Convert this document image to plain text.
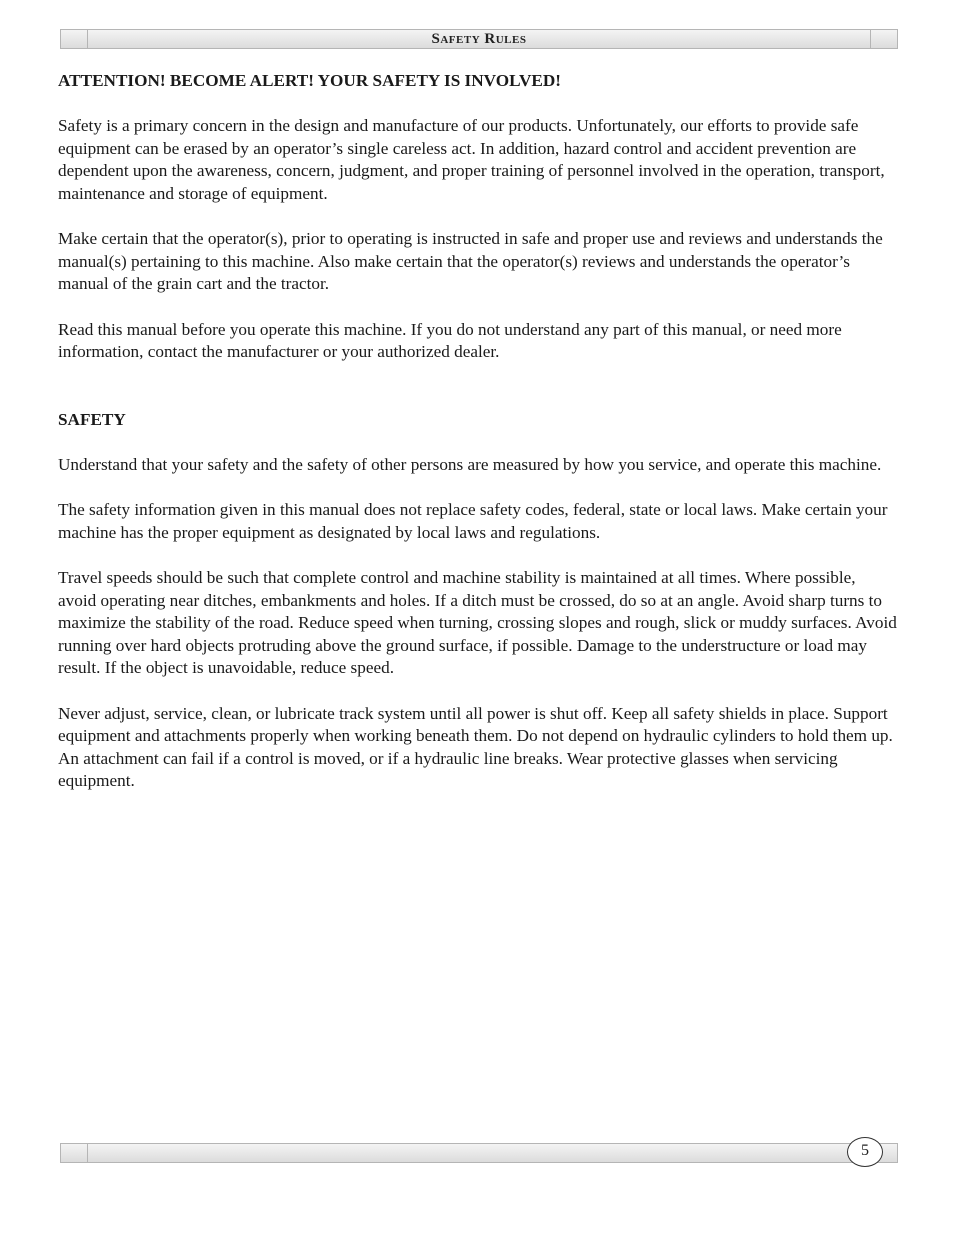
Safety Rules

ATTENTION! BECOME ALERT! YOUR SAFETY IS INVOLVED!

Safety is a primary concern in the design and manufacture of our products. Unfortunately, our efforts to provide safe equipment can be erased by an operator’s single careless act. In addition, hazard control and accident prevention are dependent upon the awareness, concern, judgment, and proper training of personnel involved in the operation, transport, maintenance and storage of equipment.

Make certain that the operator(s), prior to operating is instructed in safe and proper use and reviews and understands the manual(s) pertaining to this machine. Also make certain that the operator(s) reviews and understands the operator’s manual of the grain cart and the tractor.

Read this manual before you operate this machine. If you do not understand any part of this manual, or need more information, contact the manufacturer or your authorized dealer.

SAFETY

Understand that your safety and the safety of other persons are measured by how you service, and operate this machine.

The safety information given in this manual does not replace safety codes, federal, state or local laws. Make certain your machine has the proper equipment as designated by local laws and regulations.

Travel speeds should be such that complete control and machine stability is maintained at all times. Where possible, avoid operating near ditches, embankments and holes. If a ditch must be crossed, do so at an angle. Avoid sharp turns to maximize the stability of the road. Reduce speed when turning, crossing slopes and rough, slick or muddy surfaces. Avoid running over hard objects protruding above the ground surface, if possible. Damage to the understructure or load may result. If the object is unavoidable, reduce speed.

Never adjust, service, clean, or lubricate track system until all power is shut off. Keep all safety shields in place. Support equipment and attachments properly when working beneath them. Do not depend on hydraulic cylinders to hold them up. An attachment can fail if a control is moved, or if a hydraulic line breaks. Wear protective glasses when servicing equipment.

5
